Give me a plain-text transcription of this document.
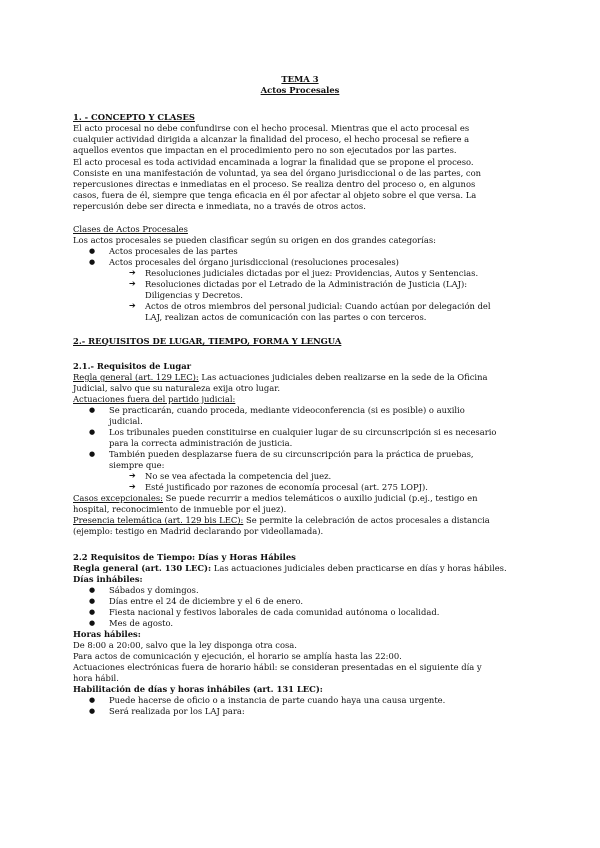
TEMA 3
Actos Procesales
1. - CONCEPTO Y CLASES
El acto procesal no debe confundirse con el hecho procesal. Mientras que el acto procesal es
cualquier actividad dirigida a alcanzar la finalidad del proceso, el hecho procesal se refiere a
aquellos eventos que impactan en el procedimiento pero no son ejecutados por las partes.
El acto procesal es toda actividad encaminada a lograr la finalidad que se propone el proceso.
Consiste en una manifestación de voluntad, ya sea del órgano jurisdiccional o de las partes, con
repercusiones directas e inmediatas en el proceso. Se realiza dentro del proceso o, en algunos
casos, fuera de él, siempre que tenga eficacia en él por afectar al objeto sobre el que versa. La
repercusión debe ser directa e inmediata, no a través de otros actos.
Clases de Actos Procesales
Los actos procesales se pueden clasificar según su origen en dos grandes categorías:
● Actos procesales de las partes
● Actos procesales del órgano jurisdiccional (resoluciones procesales)
➔ Resoluciones judiciales dictadas por el juez: Providencias, Autos y Sentencias.
➔ Resoluciones dictadas por el Letrado de la Administración de Justicia (LAJ):
Diligencias y Decretos.
➔ Actos de otros miembros del personal judicial: Cuando actúan por delegación del
LAJ, realizan actos de comunicación con las partes o con terceros.
2.- REQUISITOS DE LUGAR, TIEMPO, FORMA Y LENGUA
2.1.- Requisitos de Lugar
Regla general (art. 129 LEC): Las actuaciones judiciales deben realizarse en la sede de la Oficina
Judicial, salvo que su naturaleza exija otro lugar.
Actuaciones fuera del partido judicial:
● Se practicarán, cuando proceda, mediante videoconferencia (si es posible) o auxilio
judicial.
● Los tribunales pueden constituirse en cualquier lugar de su circunscripción si es necesario
para la correcta administración de justicia.
● También pueden desplazarse fuera de su circunscripción para la práctica de pruebas,
siempre que:
➔ No se vea afectada la competencia del juez.
➔ Esté justificado por razones de economía procesal (art. 275 LOPJ).
Casos excepcionales: Se puede recurrir a medios telemáticos o auxilio judicial (p.ej., testigo en
hospital, reconocimiento de inmueble por el juez).
Presencia telemática (art. 129 bis LEC): Se permite la celebración de actos procesales a distancia
(ejemplo: testigo en Madrid declarando por videollamada).
2.2 Requisitos de Tiempo: Días y Horas Hábiles
Regla general (art. 130 LEC): Las actuaciones judiciales deben practicarse en días y horas hábiles.
Días inhábiles:
● Sábados y domingos.
● Días entre el 24 de diciembre y el 6 de enero.
● Fiesta nacional y festivos laborales de cada comunidad autónoma o localidad.
● Mes de agosto.
Horas hábiles:
De 8:00 a 20:00, salvo que la ley disponga otra cosa.
Para actos de comunicación y ejecución, el horario se amplía hasta las 22:00.
Actuaciones electrónicas fuera de horario hábil: se consideran presentadas en el siguiente día y
hora hábil.
Habilitación de días y horas inhábiles (art. 131 LEC):
● Puede hacerse de oficio o a instancia de parte cuando haya una causa urgente.
● Será realizada por los LAJ para:
